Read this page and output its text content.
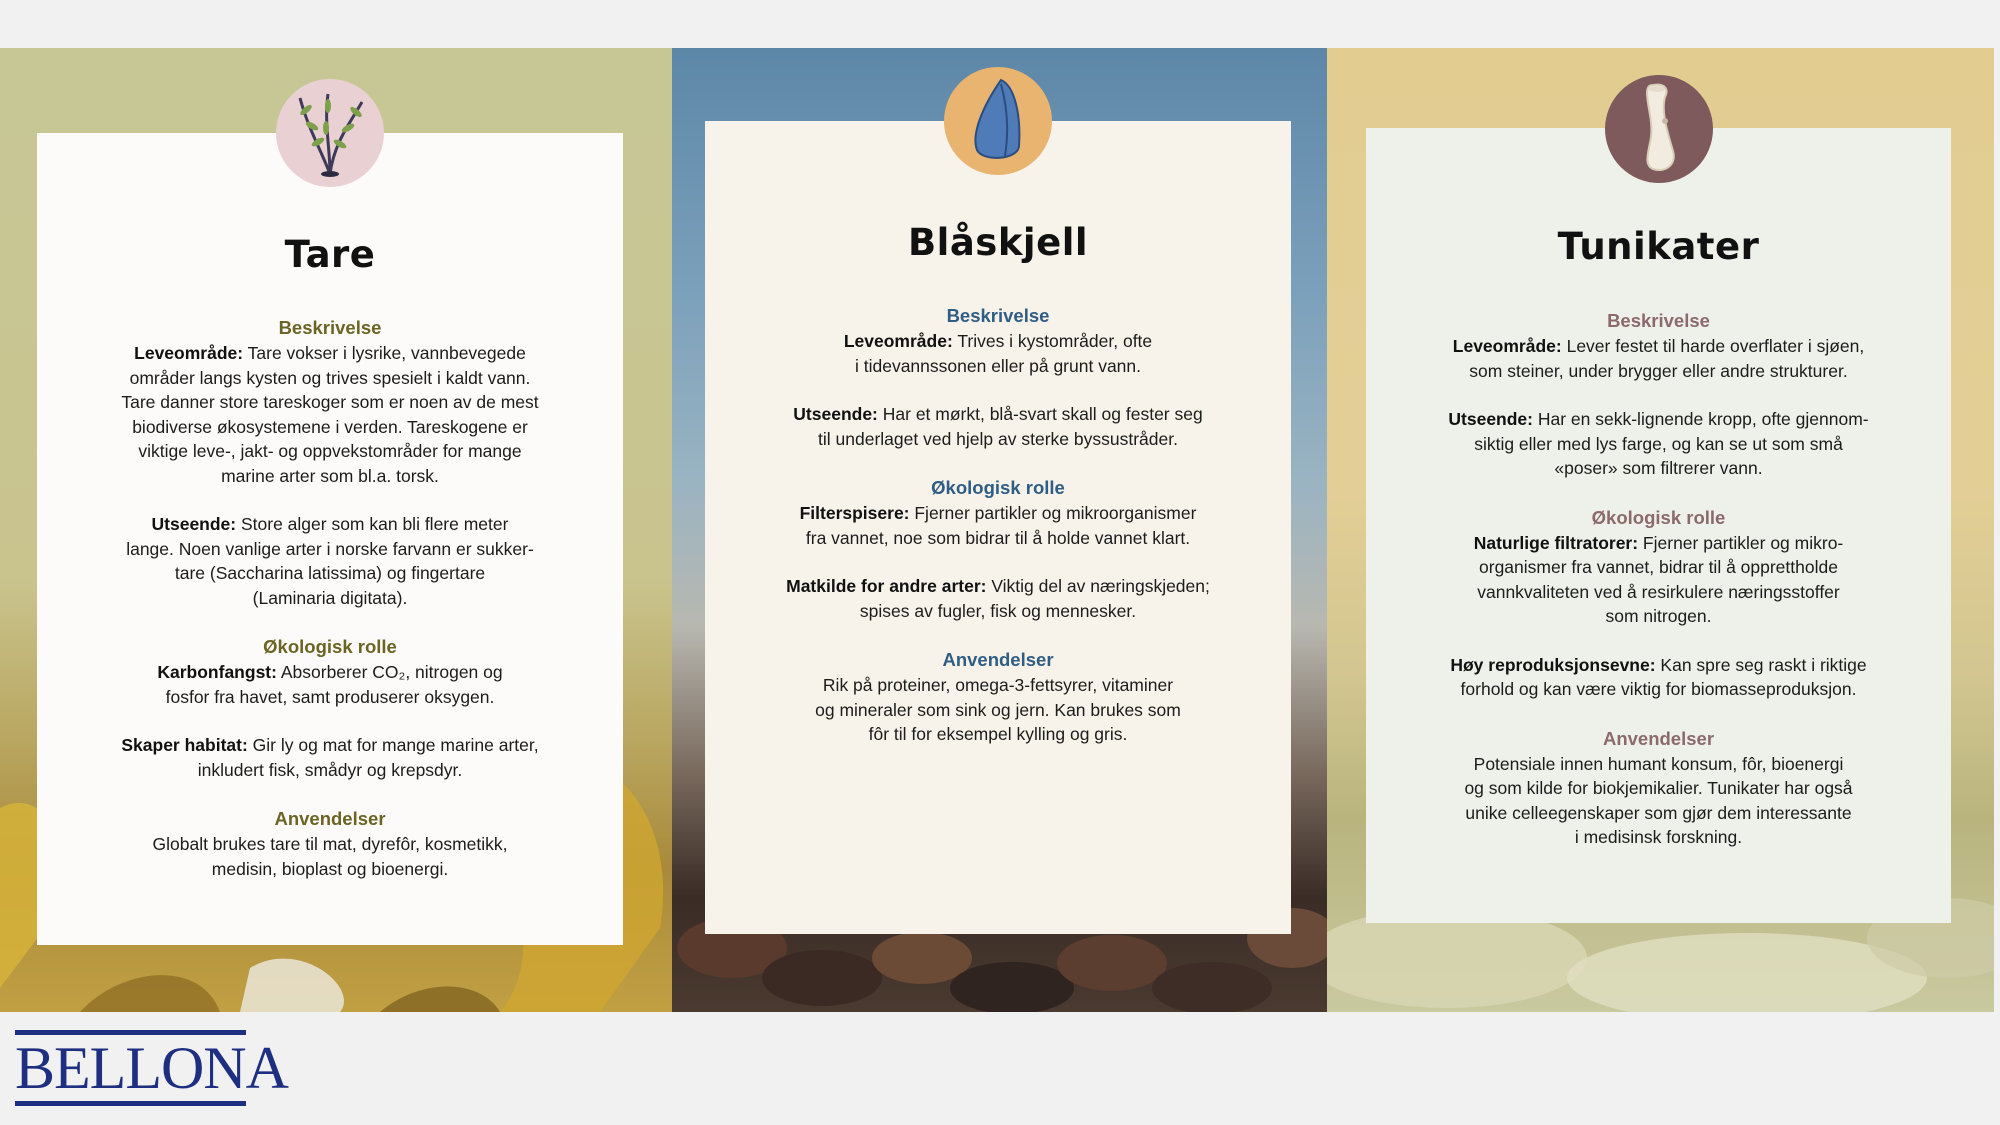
Tare

Beskrivelse

Leveområde: Tare vokser i lysrike, vannbevegede
områder langs kysten og trives spesielt i kaldt vann.
Tare danner store tareskoger som er noen av de mest
biodiverse økosystemene i verden. Tareskogene er
viktige leve-, jakt- og oppvekstområder for mange
marine arter som bl.a. torsk.

Utseende: Store alger som kan bli flere meter
lange. Noen vanlige arter i norske farvann er sukker-
tare (Saccharina latissima) og fingertare
(Laminaria digitata).

Økologisk rolle

Karbonfangst: Absorberer CO₂, nitrogen og
fosfor fra havet, samt produserer oksygen.

Skaper habitat: Gir ly og mat for mange marine arter,
inkludert fisk, smådyr og krepsdyr.

Anvendelser

Globalt brukes tare til mat, dyrefôr, kosmetikk,
medisin, bioplast og bioenergi.

Blåskjell

Beskrivelse

Leveområde: Trives i kystområder, ofte
i tidevannssonen eller på grunt vann.

Utseende: Har et mørkt, blå-svart skall og fester seg
til underlaget ved hjelp av sterke byssustråder.

Økologisk rolle

Filterspisere: Fjerner partikler og mikroorganismer
fra vannet, noe som bidrar til å holde vannet klart.

Matkilde for andre arter: Viktig del av næringskjeden;
spises av fugler, fisk og mennesker.

Anvendelser

Rik på proteiner, omega-3-fettsyrer, vitaminer
og mineraler som sink og jern. Kan brukes som
fôr til for eksempel kylling og gris.

Tunikater

Beskrivelse

Leveområde: Lever festet til harde overflater i sjøen,
som steiner, under brygger eller andre strukturer.

Utseende: Har en sekk-lignende kropp, ofte gjennom-
siktig eller med lys farge, og kan se ut som små
«poser» som filtrerer vann.

Økologisk rolle

Naturlige filtratorer: Fjerner partikler og mikro-
organismer fra vannet, bidrar til å opprettholde
vannkvaliteten ved å resirkulere næringsstoffer
som nitrogen.

Høy reproduksjonsevne: Kan spre seg raskt i riktige
forhold og kan være viktig for biomasseproduksjon.

Anvendelser

Potensiale innen humant konsum, fôr, bioenergi
og som kilde for biokjemikalier. Tunikater har også
unike celleegenskaper som gjør dem interessante
i medisinsk forskning.

BELLONA
